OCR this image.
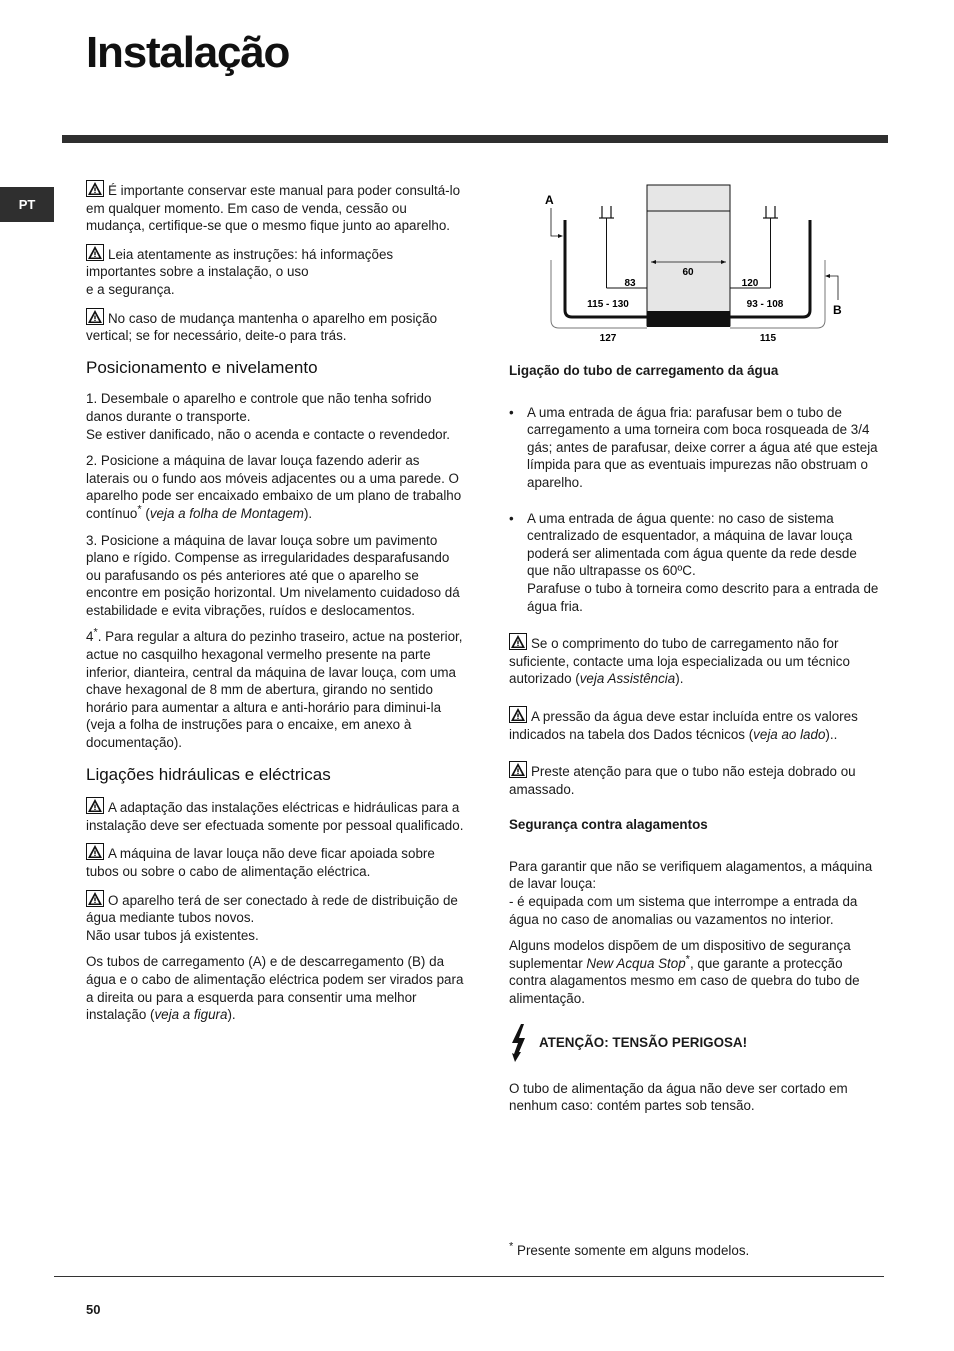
Instalação
PT

É importante conservar este manual para poder consultá-lo em qualquer momento. Em caso de venda, cessão ou mudança, certifique-se que o mesmo fique junto ao aparelho.

Leia atentamente as instruções: há informações importantes sobre a instalação, o uso
e a segurança.

No caso de mudança mantenha o aparelho em posição vertical; se for necessário, deite-o para trás.

Posicionamento e nivelamento

1. Desembale o aparelho e controle que não tenha sofrido danos durante o transporte.
Se estiver danificado, não o acenda e contacte o revendedor.

2. Posicione a máquina de lavar louça fazendo aderir as laterais ou o fundo aos móveis adjacentes ou a uma parede. O aparelho pode ser encaixado embaixo de um plano de trabalho contínuo* (veja a folha de Montagem).

3. Posicione a máquina de lavar louça sobre um pavimento plano e rígido. Compense as irregularidades desparafusando ou parafusando os pés anteriores até que o aparelho se encontre em posição horizontal. Um nivelamento cuidadoso dá estabilidade e evita vibrações, ruídos e deslocamentos.

4*. Para regular a altura do pezinho traseiro, actue na posterior, actue no casquilho hexagonal vermelho presente na parte inferior, dianteira, central da máquina de lavar louça, com uma chave hexagonal de 8 mm de abertura, girando no sentido horário para aumentar a altura e anti-horário para diminui-la (veja a folha de instruções para o encaixe, em anexo à documentação).

Ligações hidráulicas e eléctricas

A adaptação das instalações eléctricas e hidráulicas para a instalação deve ser efectuada somente por pessoal qualificado.

A máquina de lavar louça não deve ficar apoiada sobre tubos ou sobre o cabo de alimentação eléctrica.

O aparelho terá de ser conectado à rede de distribuição de água mediante tubos novos.
Não usar tubos já existentes.

Os tubos de carregamento (A) e de descarregamento (B) da água e o cabo de alimentação eléctrica podem ser virados para a direita ou para a esquerda para consentir uma melhor instalação (veja a figura).

60
A
B
83	120
115 - 130	93 - 108
127	115

Ligação do tubo de carregamento da água

• A uma entrada de água fria: parafusar bem o tubo de carregamento a uma torneira com boca rosqueada de 3/4 gás; antes de parafusar, deixe correr a água até que esteja límpida para que as eventuais impurezas não obstruam o aparelho.
• A uma entrada de água quente: no caso de sistema centralizado de esquentador, a máquina de lavar louça poderá ser alimentada com água quente da rede desde que não ultrapasse os 60ºC.
Parafuse o tubo à torneira como descrito para a entrada de água fria.

Se o comprimento do tubo de carregamento não for suficiente, contacte uma loja especializada ou um técnico autorizado (veja Assistência).

A pressão da água deve estar incluída entre os valores indicados na tabela dos Dados técnicos (veja ao lado)..

Preste atenção para que o tubo não esteja dobrado ou amassado.

Segurança contra alagamentos

Para garantir que não se verifiquem alagamentos, a máquina de lavar louça:
- é equipada com um sistema que interrompe a entrada da água no caso de anomalias ou vazamentos no interior.

Alguns modelos dispõem de um dispositivo de segurança suplementar New Acqua Stop*, que garante a protecção contra alagamentos mesmo em caso de quebra do tubo de alimentação.

ATENÇÃO: TENSÃO PERIGOSA!

O tubo de alimentação da água não deve ser cortado em nenhum caso: contém partes sob tensão.

* Presente somente em alguns modelos.
50
